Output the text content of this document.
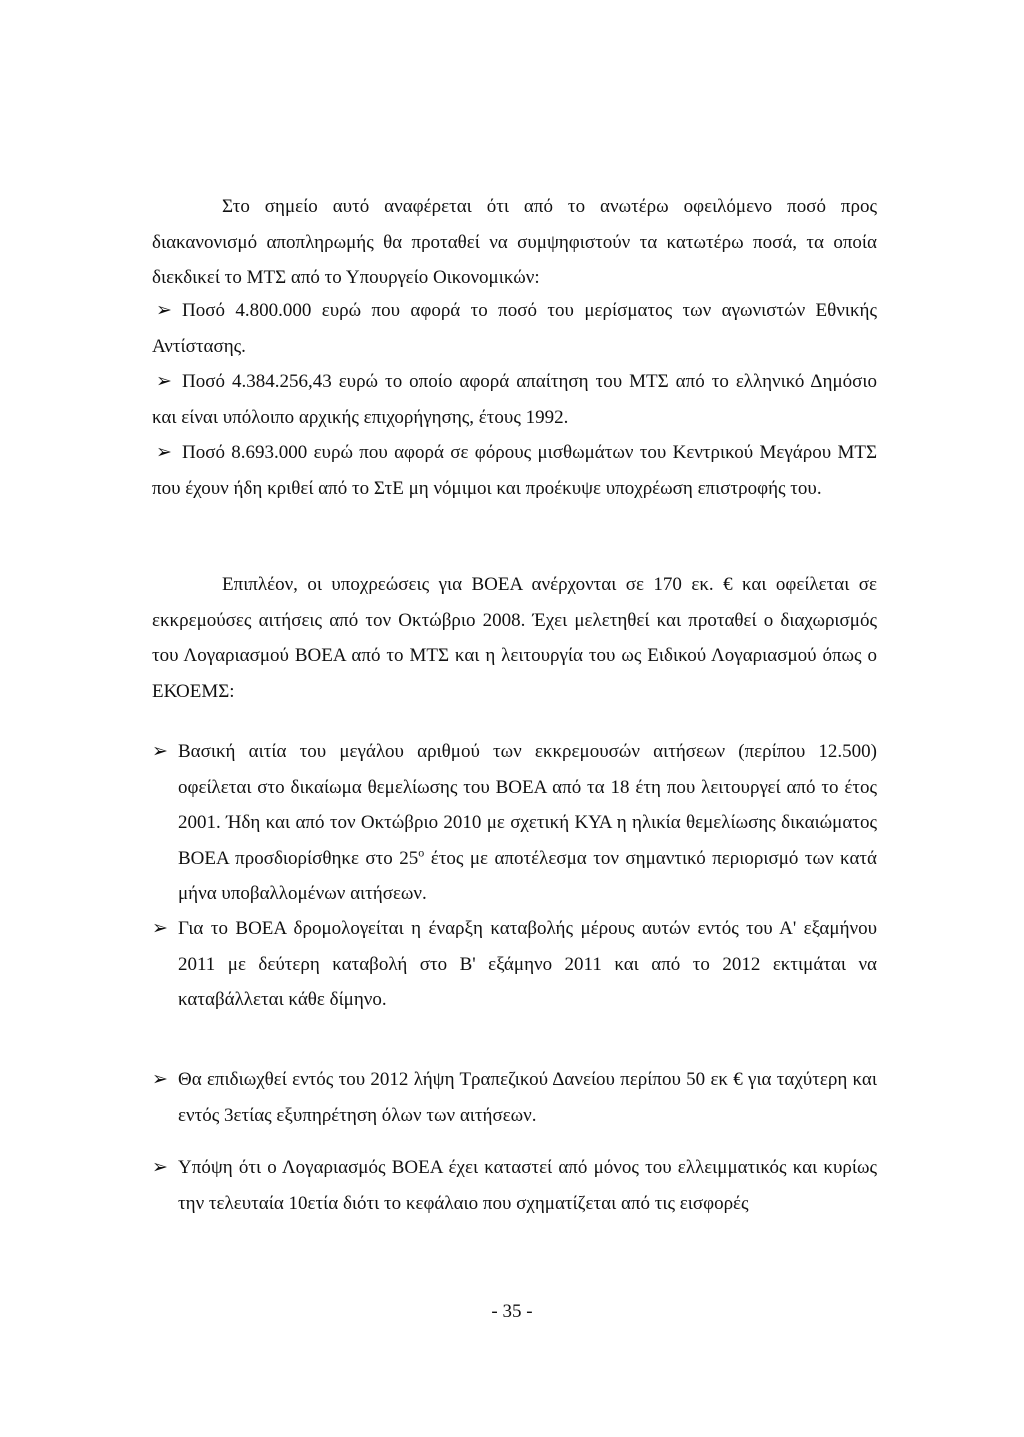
Στο σημείο αυτό αναφέρεται ότι από το ανωτέρω οφειλόμενο ποσό προς διακανονισμό αποπληρωμής θα προταθεί να συμψηφιστούν τα κατωτέρω ποσά, τα οποία διεκδικεί το ΜΤΣ από το Υπουργείο Οικονομικών:

➢ Ποσό 4.800.000 ευρώ που αφορά το ποσό του μερίσματος των αγωνιστών Εθνικής Αντίστασης.

➢ Ποσό 4.384.256,43 ευρώ το οποίο αφορά απαίτηση του ΜΤΣ από το ελληνικό Δημόσιο και είναι υπόλοιπο αρχικής επιχορήγησης, έτους 1992.

➢ Ποσό 8.693.000 ευρώ που αφορά σε φόρους μισθωμάτων του Κεντρικού Μεγάρου ΜΤΣ που έχουν ήδη κριθεί από το ΣτΕ μη νόμιμοι και προέκυψε υποχρέωση επιστροφής του.

Επιπλέον, οι υποχρεώσεις για ΒΟΕΑ ανέρχονται σε 170 εκ. € και οφείλεται σε εκκρεμούσες αιτήσεις από τον Οκτώβριο 2008. Έχει μελετηθεί και προταθεί ο διαχωρισμός του Λογαριασμού ΒΟΕΑ από το ΜΤΣ και η λειτουργία του ως Ειδικού Λογαριασμού όπως ο ΕΚΟΕΜΣ:

➢ Βασική αιτία του μεγάλου αριθμού των εκκρεμουσών αιτήσεων (περίπου 12.500) οφείλεται στο δικαίωμα θεμελίωσης του ΒΟΕΑ από τα 18 έτη που λειτουργεί από το έτος 2001. Ήδη και από τον Οκτώβριο 2010 με σχετική ΚΥΑ η ηλικία θεμελίωσης δικαιώματος ΒΟΕΑ προσδιορίσθηκε στο $25^o$ έτος με αποτέλεσμα τον σημαντικό περιορισμό των κατά μήνα υποβαλλομένων αιτήσεων.

➢ Για το ΒΟΕΑ δρομολογείται η έναρξη καταβολής μέρους αυτών εντός του Α' εξαμήνου 2011 με δεύτερη καταβολή στο Β' εξάμηνο 2011 και από το 2012 εκτιμάται να καταβάλλεται κάθε δίμηνο.

➢ Θα επιδιωχθεί εντός του 2012 λήψη Τραπεζικού Δανείου περίπου 50 εκ € για ταχύτερη και εντός 3ετίας εξυπηρέτηση όλων των αιτήσεων.

➢ Υπόψη ότι ο Λογαριασμός ΒΟΕΑ έχει καταστεί από μόνος του ελλειμματικός και κυρίως την τελευταία 10ετία διότι το κεφάλαιο που σχηματίζεται από τις εισφορές

- 35 -
